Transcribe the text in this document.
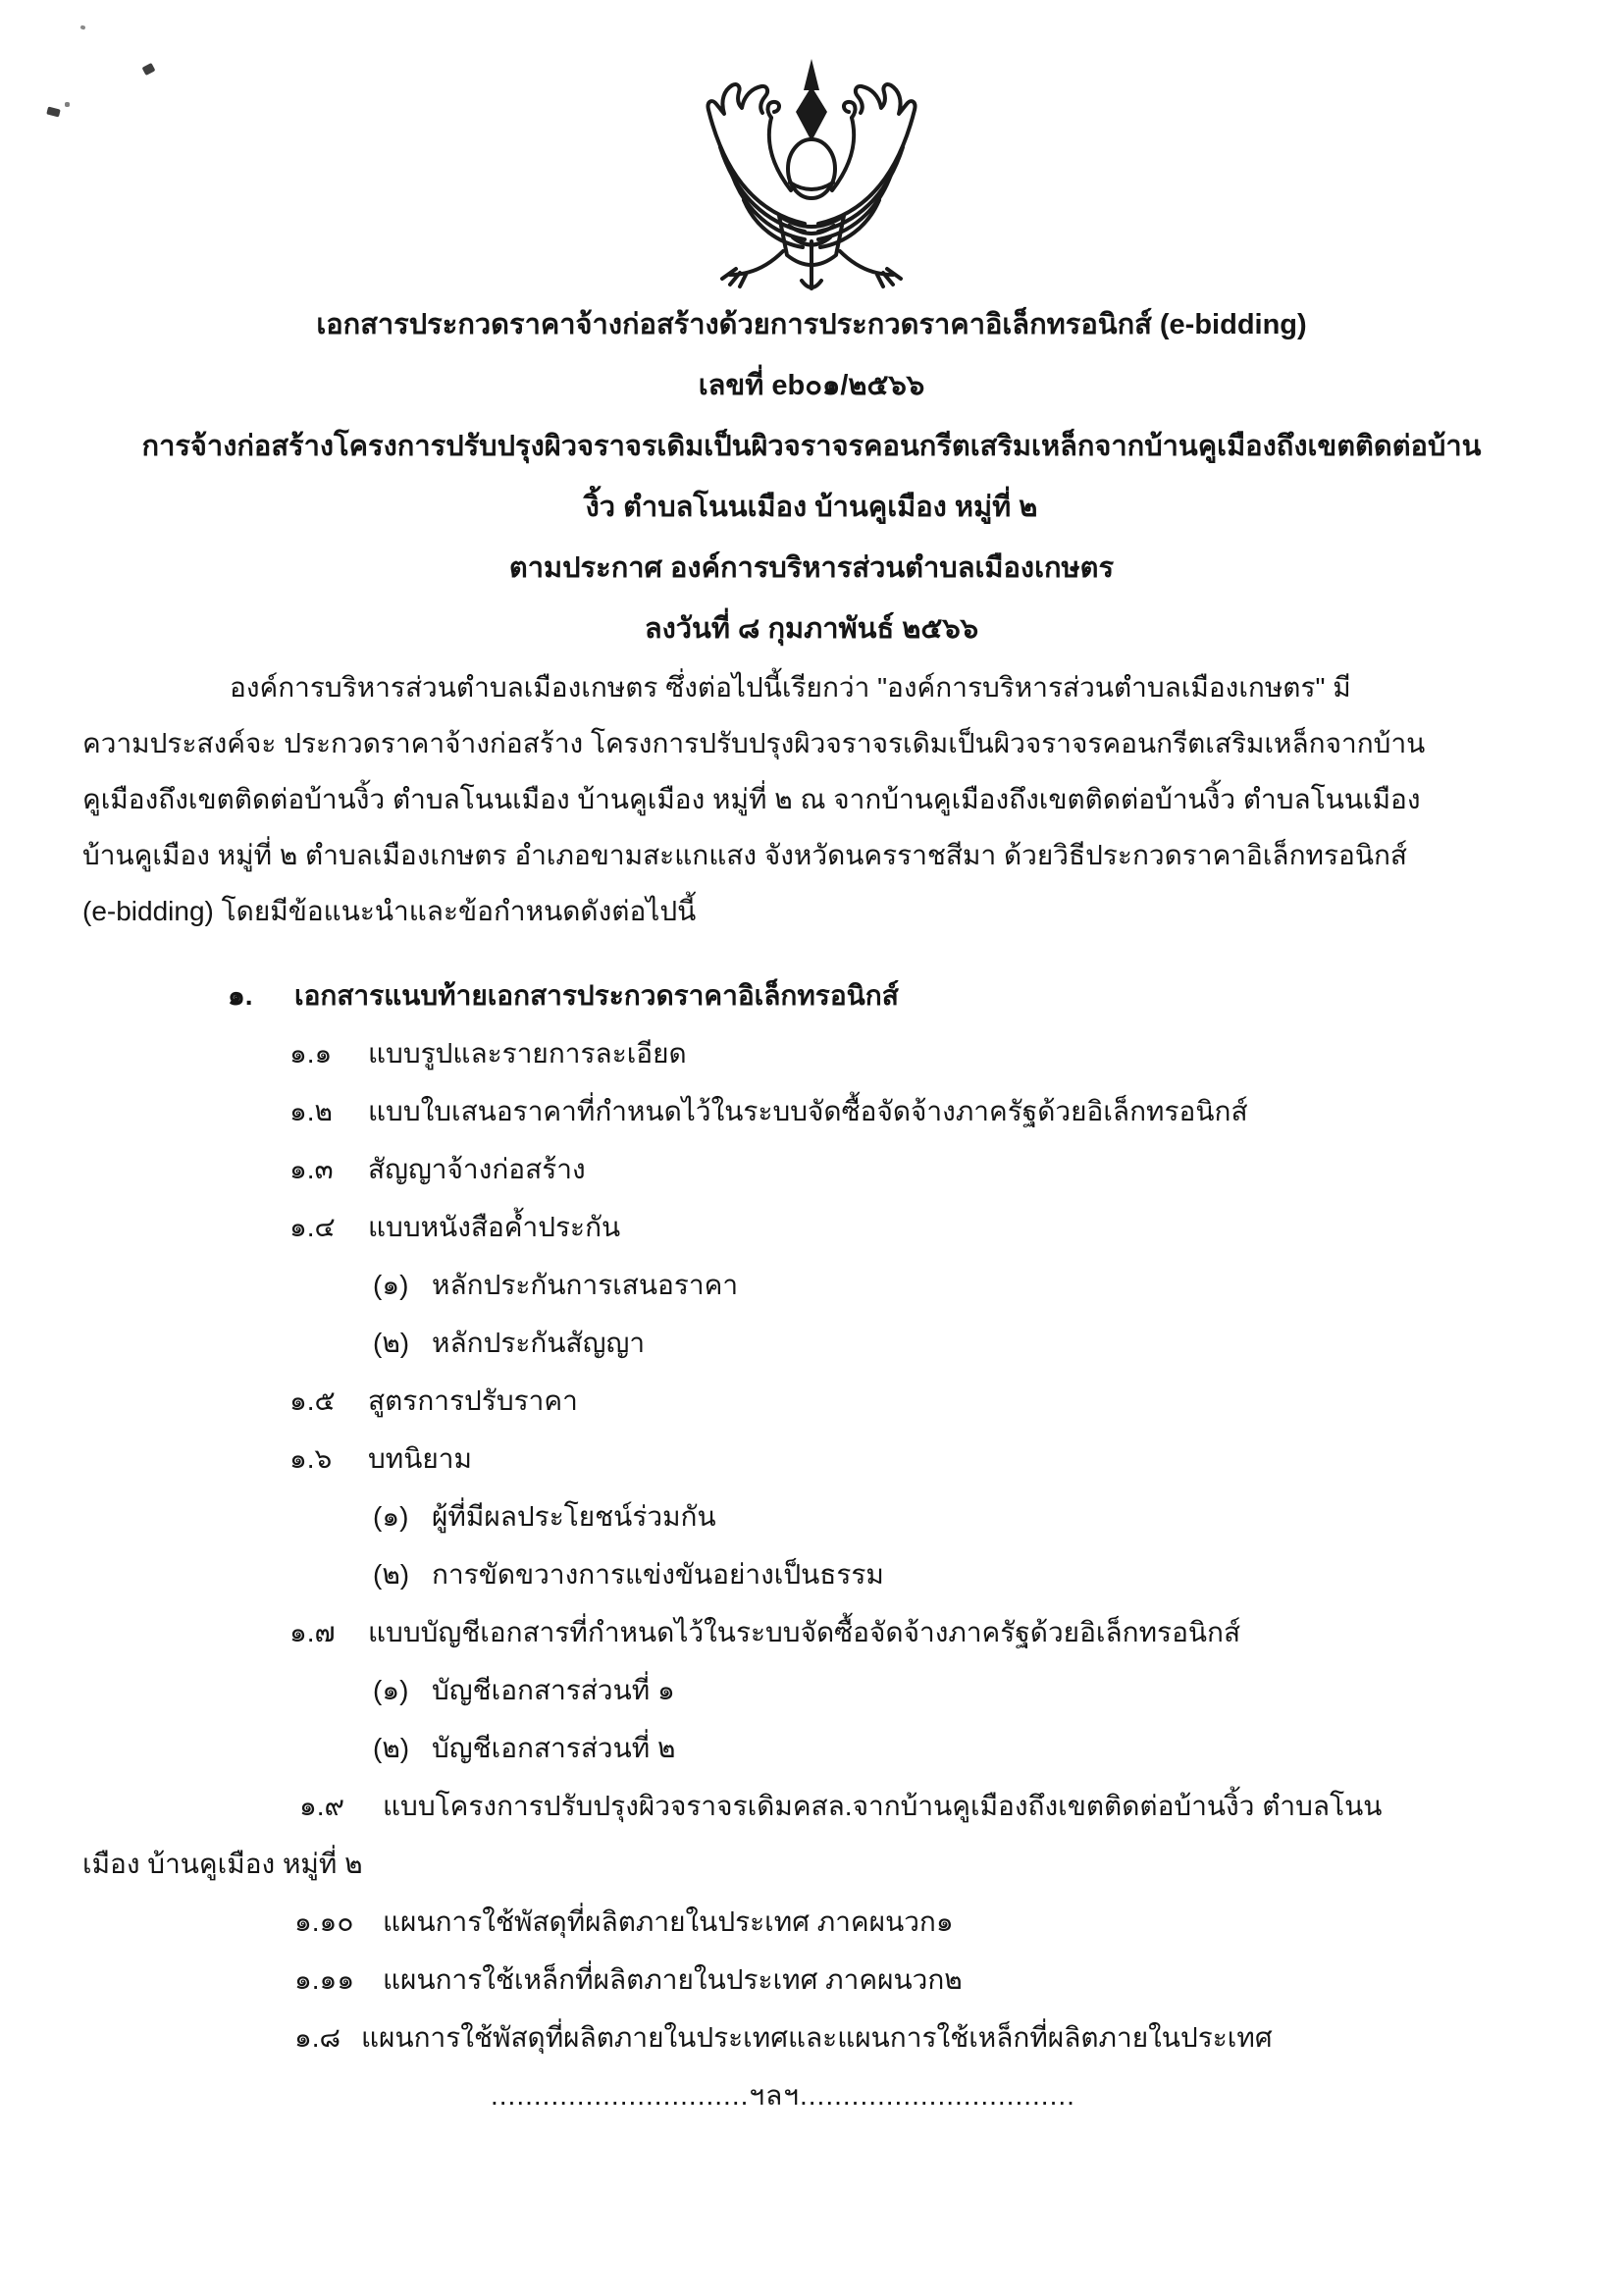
เอกสารประกวดราคาจ้างก่อสร้างด้วยการประกวดราคาอิเล็กทรอนิกส์ (e-bidding)
เลขที่ eb๐๑/๒๕๖๖
การจ้างก่อสร้างโครงการปรับปรุงผิวจราจรเดิมเป็นผิวจราจรคอนกรีตเสริมเหล็กจากบ้านคูเมืองถึงเขตติดต่อบ้าน
งิ้ว ตำบลโนนเมือง บ้านคูเมือง หมู่ที่ ๒
ตามประกาศ องค์การบริหารส่วนตำบลเมืองเกษตร
ลงวันที่ ๘ กุมภาพันธ์ ๒๕๖๖
องค์การบริหารส่วนตำบลเมืองเกษตร ซึ่งต่อไปนี้เรียกว่า "องค์การบริหารส่วนตำบลเมืองเกษตร" มี
ความประสงค์จะ ประกวดราคาจ้างก่อสร้าง โครงการปรับปรุงผิวจราจรเดิมเป็นผิวจราจรคอนกรีตเสริมเหล็กจากบ้าน
คูเมืองถึงเขตติดต่อบ้านงิ้ว ตำบลโนนเมือง บ้านคูเมือง หมู่ที่ ๒ ณ จากบ้านคูเมืองถึงเขตติดต่อบ้านงิ้ว ตำบลโนนเมือง
บ้านคูเมือง หมู่ที่ ๒ ตำบลเมืองเกษตร อำเภอขามสะแกแสง จังหวัดนครราชสีมา ด้วยวิธีประกวดราคาอิเล็กทรอนิกส์
(e-bidding) โดยมีข้อแนะนำและข้อกำหนดดังต่อไปนี้
๑. เอกสารแนบท้ายเอกสารประกวดราคาอิเล็กทรอนิกส์
๑.๑ แบบรูปและรายการละเอียด
๑.๒ แบบใบเสนอราคาที่กำหนดไว้ในระบบจัดซื้อจัดจ้างภาครัฐด้วยอิเล็กทรอนิกส์
๑.๓ สัญญาจ้างก่อสร้าง
๑.๔ แบบหนังสือค้ำประกัน
(๑) หลักประกันการเสนอราคา
(๒) หลักประกันสัญญา
๑.๕ สูตรการปรับราคา
๑.๖ บทนิยาม
(๑) ผู้ที่มีผลประโยชน์ร่วมกัน
(๒) การขัดขวางการแข่งขันอย่างเป็นธรรม
๑.๗ แบบบัญชีเอกสารที่กำหนดไว้ในระบบจัดซื้อจัดจ้างภาครัฐด้วยอิเล็กทรอนิกส์
(๑) บัญชีเอกสารส่วนที่ ๑
(๒) บัญชีเอกสารส่วนที่ ๒
๑.๙ แบบโครงการปรับปรุงผิวจราจรเดิมคสล.จากบ้านคูเมืองถึงเขตติดต่อบ้านงิ้ว ตำบลโนน
เมือง บ้านคูเมือง หมู่ที่ ๒
๑.๑๐ แผนการใช้พัสดุที่ผลิตภายในประเทศ ภาคผนวก๑
๑.๑๑ แผนการใช้เหล็กที่ผลิตภายในประเทศ ภาคผนวก๒
๑.๘ แผนการใช้พัสดุที่ผลิตภายในประเทศและแผนการใช้เหล็กที่ผลิตภายในประเทศ
..............................ฯลฯ................................
